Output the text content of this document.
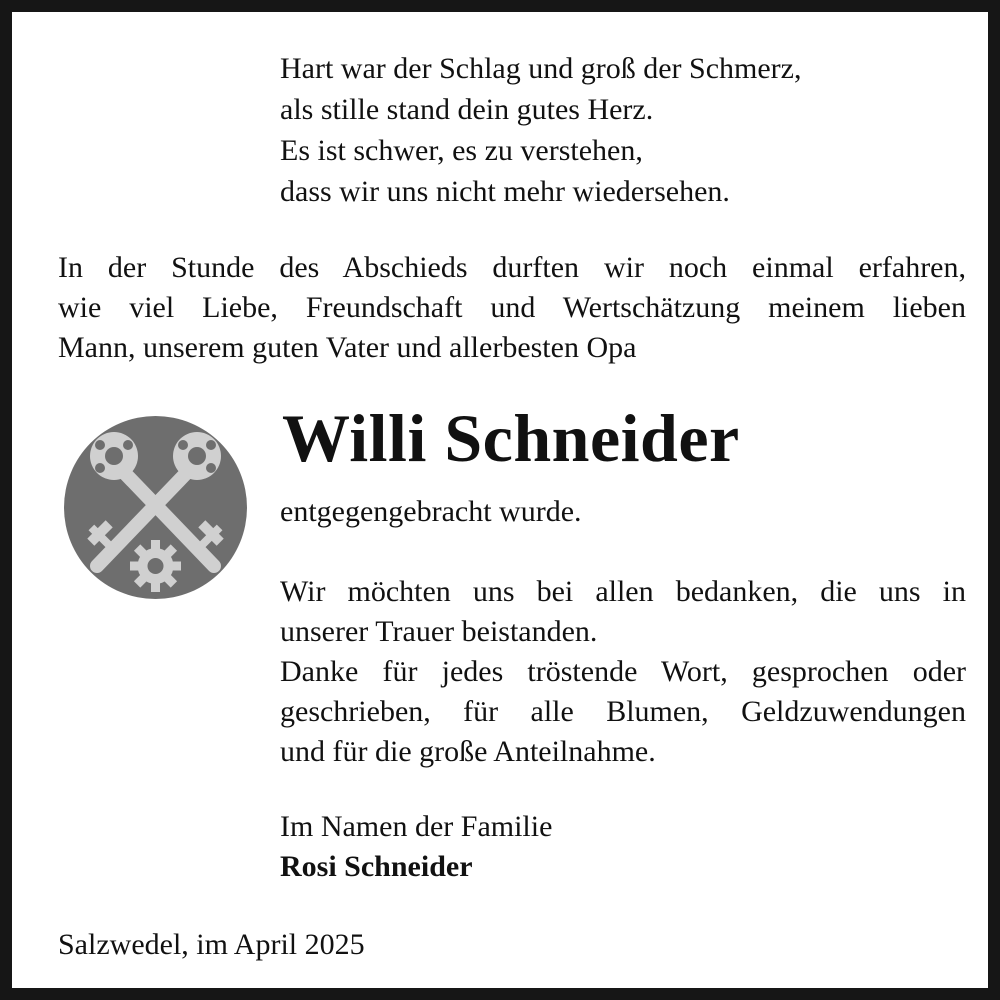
Hart war der Schlag und groß der Schmerz,
als stille stand dein gutes Herz.
Es ist schwer, es zu verstehen,
dass wir uns nicht mehr wiedersehen.
In der Stunde des Abschieds durften wir noch einmal erfahren,
wie viel Liebe, Freundschaft und Wertschätzung meinem lieben
Mann, unserem guten Vater und allerbesten Opa
Willi Schneider
entgegengebracht wurde.
Wir möchten uns bei allen bedanken, die uns in
unserer Trauer beistanden.
Danke für jedes tröstende Wort, gesprochen oder
geschrieben, für alle Blumen, Geldzuwendungen
und für die große Anteilnahme.
Im Namen der Familie
Rosi Schneider
Salzwedel, im April 2025
